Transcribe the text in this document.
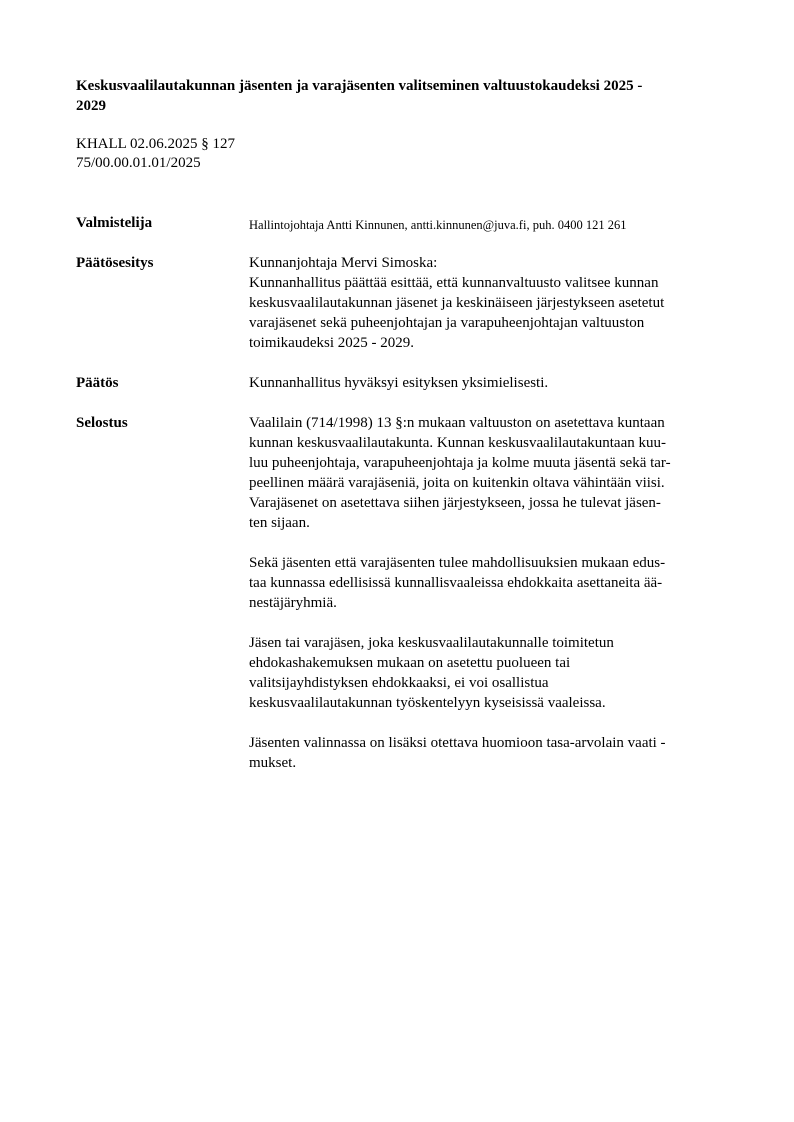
Keskusvaalilautakunnan jäsenten ja varajäsenten valitseminen valtuustokaudeksi 2025 -
2029
KHALL 02.06.2025 § 127
75/00.00.01.01/2025
Valmistelija	Hallintojohtaja Antti Kinnunen, antti.kinnunen@juva.fi, puh. 0400 121 261
Päätösesitys	Kunnanjohtaja Mervi Simoska:
Kunnanhallitus päättää esittää, että kunnanvaltuusto valitsee kunnan
keskusvaalilautakunnan jäsenet ja keskinäiseen järjestykseen asetetut
varajäsenet sekä puheenjohtajan ja varapuheenjohtajan valtuuston
toimikaudeksi 2025 - 2029.
Päätös	Kunnanhallitus hyväksyi esityksen yksimielisesti.
Selostus	Vaalilain (714/1998) 13 §:n mukaan valtuuston on asetettava kuntaan
kunnan keskusvaalilautakunta. Kunnan keskusvaalilautakuntaan kuu-
luu puheenjohtaja, varapuheenjohtaja ja kolme muuta jäsentä sekä tar-
peellinen määrä varajäseniä, joita on kuitenkin oltava vähintään viisi.
Varajäsenet on asetettava siihen järjestykseen, jossa he tulevat jäsen-
ten sijaan.
Sekä jäsenten että varajäsenten tulee mahdollisuuksien mukaan edus-
taa kunnassa edellisissä kunnallisvaaleissa ehdokkaita asettaneita ää-
nestäjäryhmiä.
Jäsen tai varajäsen, joka keskusvaalilautakunnalle toimitetun
ehdokashakemuksen mukaan on asetettu puolueen tai
valitsijayhdistyksen ehdokkaaksi, ei voi osallistua
keskusvaalilautakunnan työskentelyyn kyseisissä vaaleissa.
Jäsenten valinnassa on lisäksi otettava huomioon tasa-arvolain vaati -
mukset.
